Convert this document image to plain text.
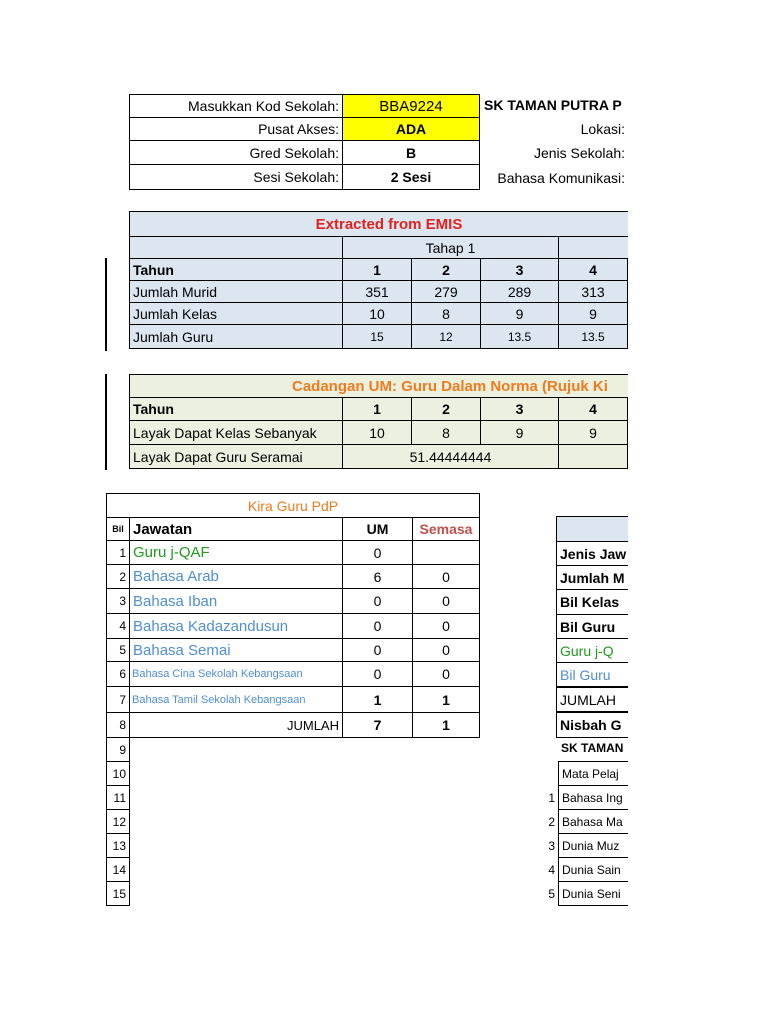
Masukkan Kod Sekolah:	BBA9224	SK TAMAN PUTRA P
Pusat Akses:	ADA	Lokasi:
Gred Sekolah:	B	Jenis Sekolah:
Sesi Sekolah:	2 Sesi	Bahasa Komunikasi:
Extracted from EMIS
Tahap 1
Tahun	1	2	3	4
Jumlah Murid	351	279	289	313
Jumlah Kelas	10	8	9	9
Jumlah Guru	15	12	13.5	13.5
Cadangan UM: Guru Dalam Norma (Rujuk Ki
Tahun	1	2	3	4
Layak Dapat Kelas Sebanyak	10	8	9	9
Layak Dapat Guru Seramai	51.44444444
Kira Guru PdP
Bil Jawatan	UM	Semasa
1 Guru j-QAF	0
2 Bahasa Arab	6	0
3 Bahasa Iban	0	0
4 Bahasa Kadazandusun	0	0
5 Bahasa Semai	0	0
6 Bahasa Cina Sekolah Kebangsaan	0	0
7 Bahasa Tamil Sekolah Kebangsaan	1	1
8	JUMLAH	7	1
9
10
11
12
13
14
15
Jenis Jaw
Jumlah M
Bil Kelas
Bil Guru
Guru j-Q
Bil Guru
JUMLAH
Nisbah G
SK TAMAN
Mata Pelaj
1 Bahasa Ing
2 Bahasa Ma
3 Dunia Muz
4 Dunia Sain
5 Dunia Seni
